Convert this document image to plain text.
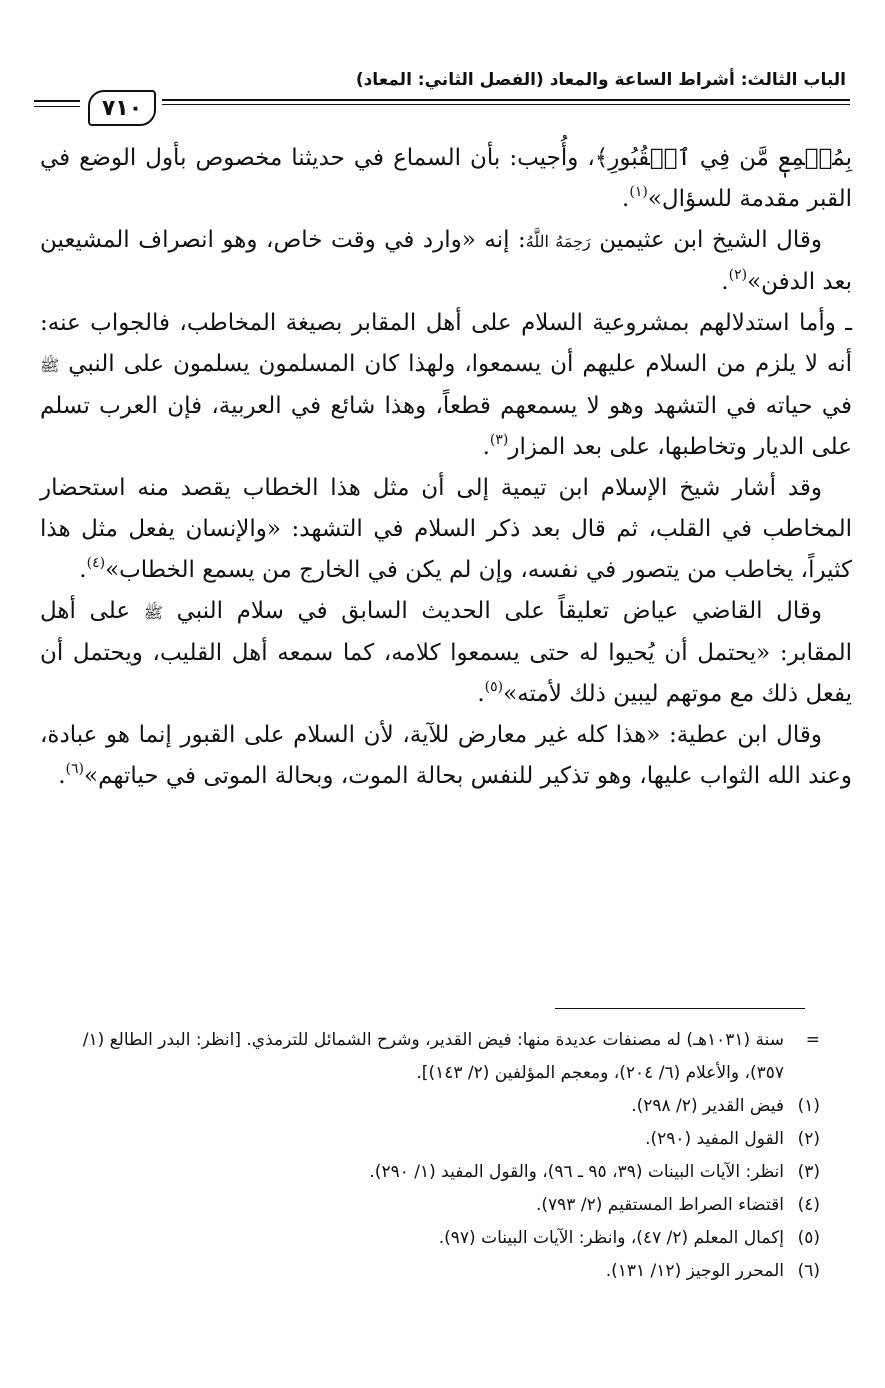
الباب الثالث: أشراط الساعة والمعاد (الفصل الثاني: المعاد)
٧١٠

بِمُسۡمِعٖ مَّن فِي ٱلۡقُبُورِ﴾، وأُجيب: بأن السماع في حديثنا مخصوص بأول الوضع في القبر مقدمة للسؤال»$^{(١)}$.

وقال الشيخ ابن عثيمين رَحِمَهُ اللَّهُ: إنه «وارد في وقت خاص، وهو انصراف المشيعين بعد الدفن»$^{(٢)}$.

ـ وأما استدلالهم بمشروعية السلام على أهل المقابر بصيغة المخاطب، فالجواب عنه: أنه لا يلزم من السلام عليهم أن يسمعوا، ولهذا كان المسلمون يسلمون على النبي ﷺ في حياته في التشهد وهو لا يسمعهم قطعاً، وهذا شائع في العربية، فإن العرب تسلم على الديار وتخاطبها، على بعد المزار$^{(٣)}$.

وقد أشار شيخ الإسلام ابن تيمية إلى أن مثل هذا الخطاب يقصد منه استحضار المخاطب في القلب، ثم قال بعد ذكر السلام في التشهد: «والإنسان يفعل مثل هذا كثيراً، يخاطب من يتصور في نفسه، وإن لم يكن في الخارج من يسمع الخطاب»$^{(٤)}$.

وقال القاضي عياض تعليقاً على الحديث السابق في سلام النبي ﷺ على أهل المقابر: «يحتمل أن يُحيوا له حتى يسمعوا كلامه، كما سمعه أهل القليب، ويحتمل أن يفعل ذلك مع موتهم ليبين ذلك لأمته»$^{(٥)}$.

وقال ابن عطية: «هذا كله غير معارض للآية، لأن السلام على القبور إنما هو عبادة، وعند الله الثواب عليها، وهو تذكير للنفس بحالة الموت، وبحالة الموتى في حياتهم»$^{(٦)}$.

=
سنة (١٠٣١هـ) له مصنفات عديدة منها: فيض القدير، وشرح الشمائل للترمذي. [انظر: البدر الطالع (١/ ٣٥٧)، والأعلام (٦/ ٢٠٤)، ومعجم المؤلفين (٢/ ١٤٣)].
(١)
فيض القدير (٢/ ٢٩٨).
(٢)
القول المفيد (٢٩٠).
(٣)
انظر: الآيات البينات (٣٩، ٩٥ ـ ٩٦)، والقول المفيد (١/ ٢٩٠).
(٤)
اقتضاء الصراط المستقيم (٢/ ٧٩٣).
(٥)
إكمال المعلم (٢/ ٤٧)، وانظر: الآيات البينات (٩٧).
(٦)
المحرر الوجيز (١٢/ ١٣١).
